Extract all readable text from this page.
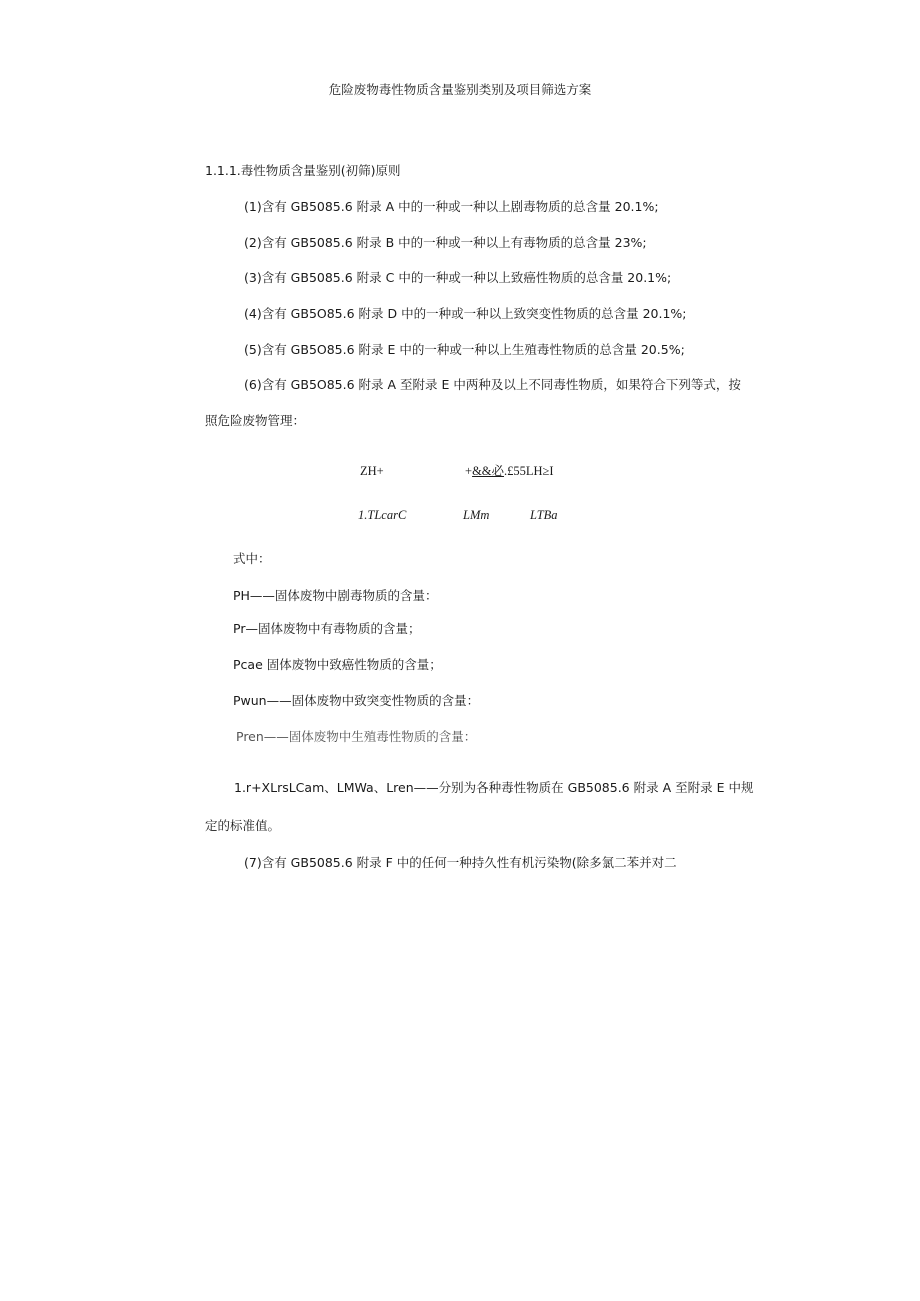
危险废物毒性物质含量鉴别类别及项目筛选方案
1.1.1.毒性物质含量鉴别(初筛)原则
(1)含有 GB5085.6 附录 A 中的一种或一种以上剧毒物质的总含量 20.1%;
(2)含有 GB5085.6 附录 B 中的一种或一种以上有毒物质的总含量 23%;
(3)含有 GB5085.6 附录 C 中的一种或一种以上致癌性物质的总含量 20.1%;
(4)含有 GB5O85.6 附录 D 中的一种或一种以上致突变性物质的总含量 20.1%;
(5)含有 GB5O85.6 附录 E 中的一种或一种以上生殖毒性物质的总含量 20.5%;
(6)含有 GB5O85.6 附录 A 至附录 E 中两种及以上不同毒性物质，如果符合下列等式，按
照危险废物管理：
ZH+	+&&必.£55LH≥I
1.TLcarC	LMm	LTBa
式中：
PH——固体废物中剧毒物质的含量：
Pr—固体废物中有毒物质的含量；
Pcae 固体废物中致癌性物质的含量；
Pwun——固体废物中致突变性物质的含量：
Pren——固体废物中生殖毒性物质的含量：
1.r+XLrsLCam、LMWa、Lren——分别为各种毒性物质在 GB5085.6 附录 A 至附录 E 中规
定的标准值。
(7)含有 GB5085.6 附录 F 中的任何一种持久性有机污染物(除多氯二苯并对二
